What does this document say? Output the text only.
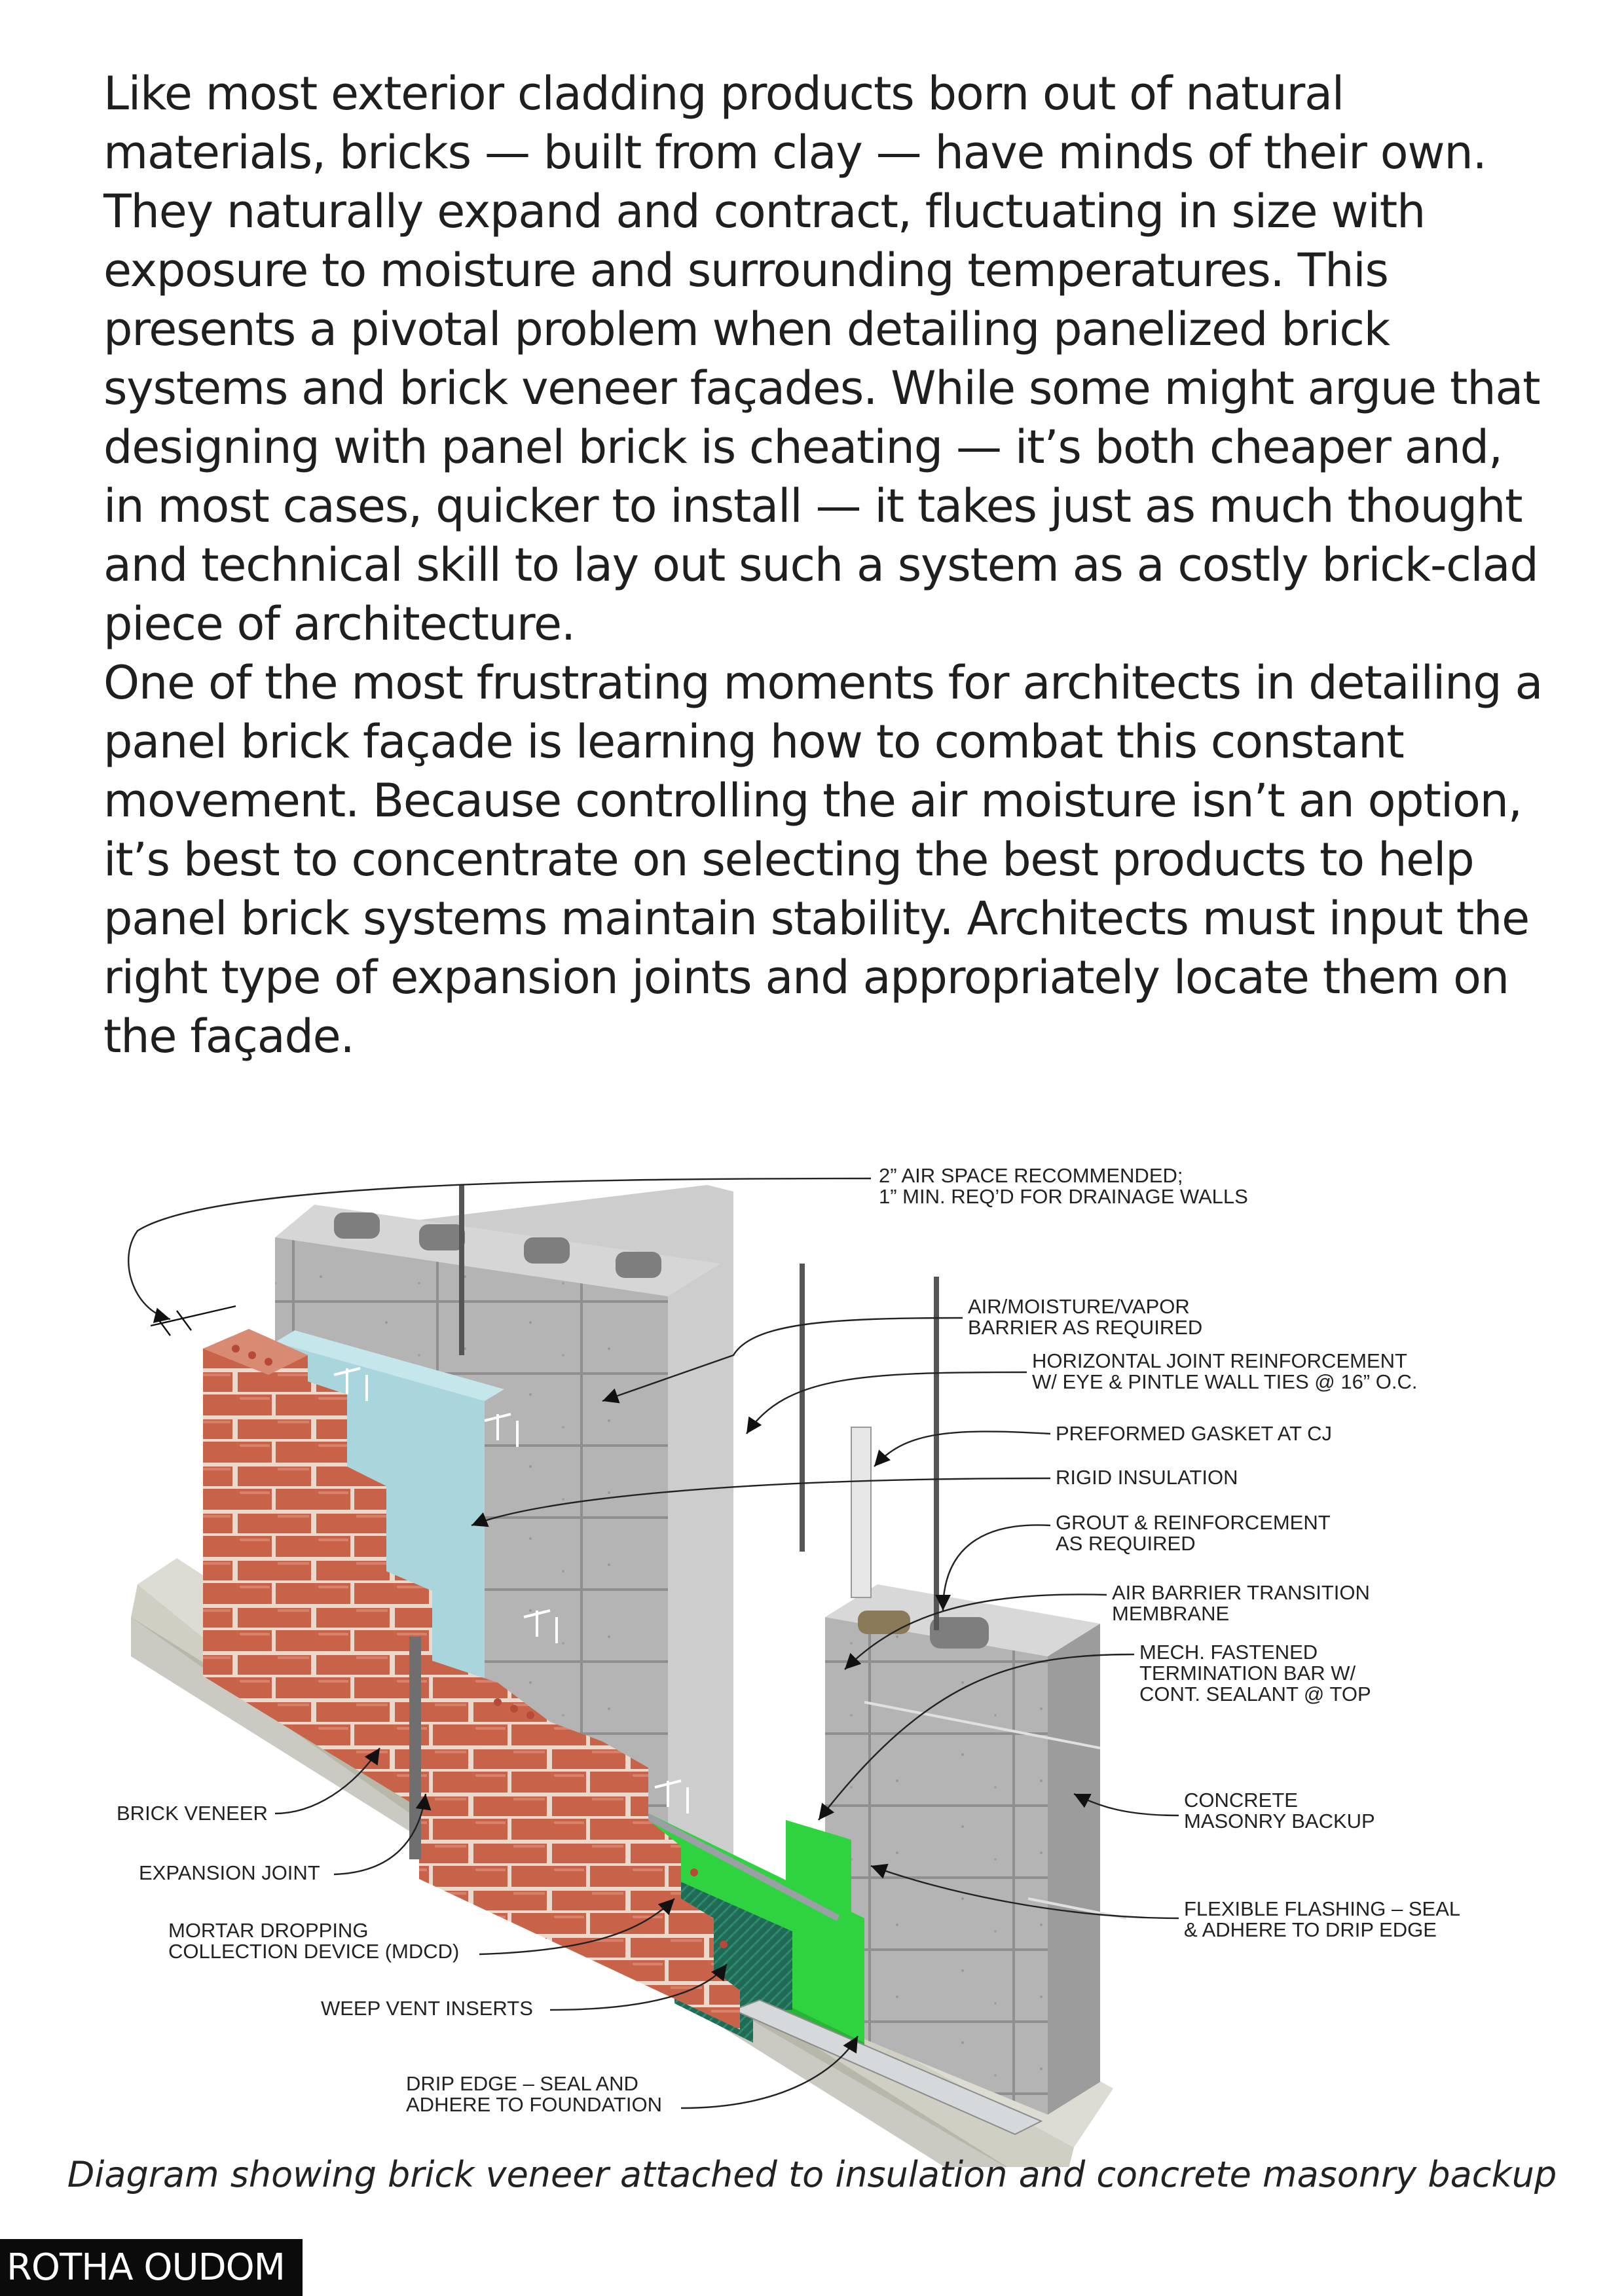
Like most exterior cladding products born out of natural materials, bricks — built from clay — have minds of their own. They naturally expand and contract, fluctuating in size with exposure to moisture and surrounding temperatures. This presents a pivotal problem when detailing panelized brick systems and brick veneer façades. While some might argue that designing with panel brick is cheating — it’s both cheaper and, in most cases, quicker to install — it takes just as much thought and technical skill to lay out such a system as a costly brick-clad piece of architecture.

One of the most frustrating moments for architects in detailing a panel brick façade is learning how to combat this constant movement. Because controlling the air moisture isn’t an option, it’s best to concentrate on selecting the best products to help panel brick systems maintain stability. Architects must input the right type of expansion joints and appropriately locate them on the façade.

2” AIR SPACE RECOMMENDED;
1” MIN. REQ’D FOR DRAINAGE WALLS
AIR/MOISTURE/VAPOR
BARRIER AS REQUIRED
HORIZONTAL JOINT REINFORCEMENT
W/ EYE & PINTLE WALL TIES @ 16” O.C.
PREFORMED GASKET AT CJ
RIGID INSULATION
GROUT & REINFORCEMENT
AS REQUIRED
AIR BARRIER TRANSITION
MEMBRANE
MECH. FASTENED
TERMINATION BAR W/
CONT. SEALANT @ TOP
CONCRETE
MASONRY BACKUP
FLEXIBLE FLASHING – SEAL
& ADHERE TO DRIP EDGE
BRICK VENEER
EXPANSION JOINT
MORTAR DROPPING
COLLECTION DEVICE (MDCD)
WEEP VENT INSERTS
DRIP EDGE – SEAL AND
ADHERE TO FOUNDATION

Diagram showing brick veneer attached to insulation and concrete masonry backup

ROTHA OUDOM
